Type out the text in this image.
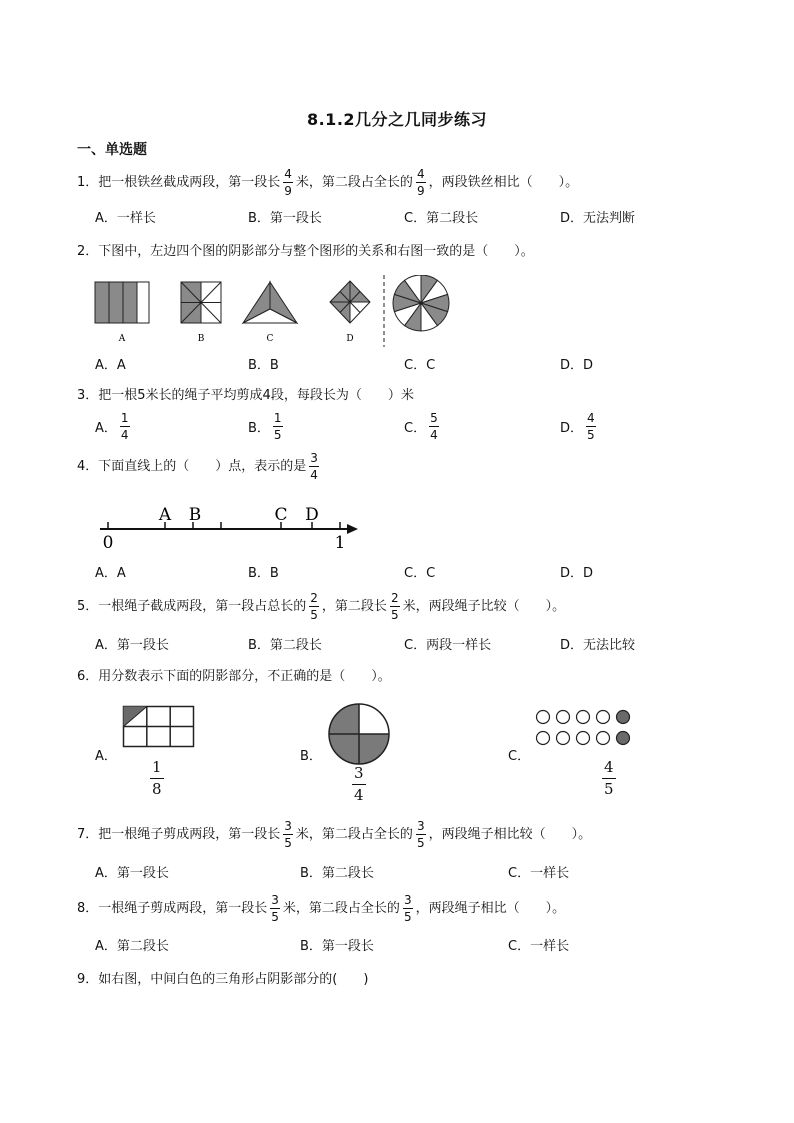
8.1.2几分之几同步练习
一、单选题
1．把一根铁丝截成两段，第一段长 $\frac{4}{9}$ 米，第二段占全长的 $\frac{4}{9}$ ，两段铁丝相比（　　）。
A．一样长	B．第一段长	C．第二段长	D．无法判断
2．下图中，左边四个图的阴影部分与整个图形的关系和右图一致的是（　　）。
A	B	C	D
A．A	B．B	C．C	D．D
3．把一根5米长的绳子平均剪成4段，每段长为（　　）米
A． $\frac{1}{4}$	B． $\frac{1}{5}$	C． $\frac{5}{4}$	D． $\frac{4}{5}$
4．下面直线上的（　　）点，表示的是 $\frac{3}{4}$
A B	C D
0	1
A．A	B．B	C．C	D．D
5．一根绳子截成两段，第一段占总长的 $\frac{2}{5}$ ，第二段长 $\frac{2}{5}$ 米，两段绳子比较（　　）。
A．第一段长	B．第二段长	C．两段一样长	D．无法比较
6．用分数表示下面的阴影部分，不正确的是（　　）。
A．
1
8
B．
3
4
C．
4
5
7．把一根绳子剪成两段，第一段长 $\frac{3}{5}$ 米，第二段占全长的 $\frac{3}{5}$ ，两段绳子相比较（　　）。
A．第一段长	B．第二段长	C．一样长
8．一根绳子剪成两段，第一段长 $\frac{3}{5}$ 米，第二段占全长的 $\frac{3}{5}$ ，两段绳子相比（　　）。
A．第二段长	B．第一段长	C．一样长
9．如右图，中间白色的三角形占阴影部分的(　　)
